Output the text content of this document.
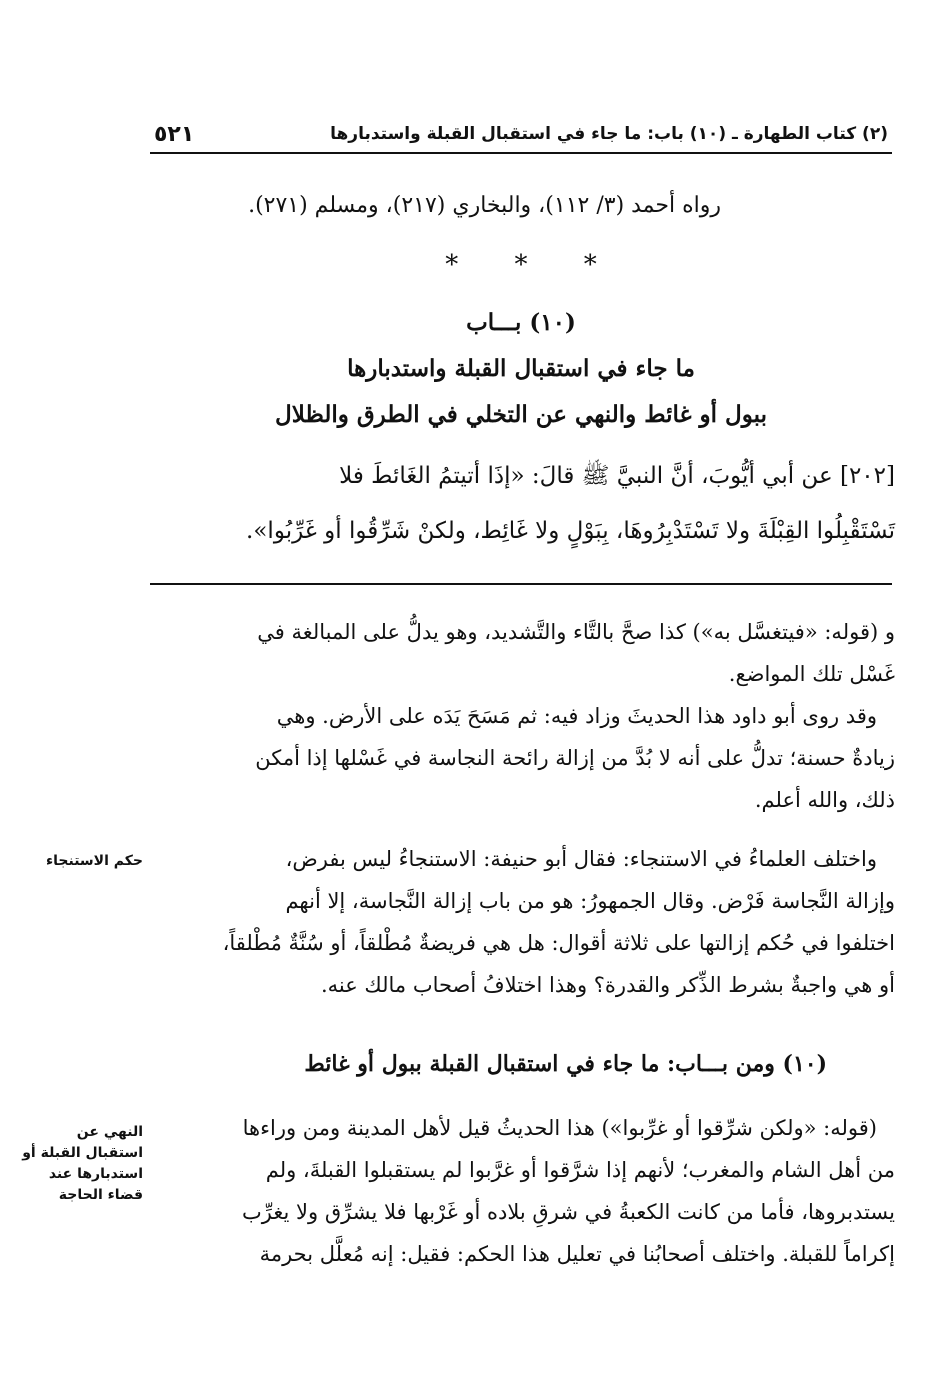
٥٢١	(٢) كتاب الطهارة ـ (١٠) باب: ما جاء في استقبال القبلة واستدبارها
رواه أحمد (٣/ ١١٢)، والبخاري (٢١٧)، ومسلم (٢٧١).
* * *
(١٠) بـــاب
ما جاء في استقبال القبلة واستدبارها
ببول أو غائط والنهي عن التخلي في الطرق والظلال
[٢٠٢] عن أبي أيُّوبَ، أنَّ النبيَّ ﷺ قالَ: «إذَا أتيتمُ الغَائطَ فلا
تَسْتَقْبِلُوا القِبْلَةَ ولا تَسْتَدْبِرُوهَا، بِبَوْلٍ ولا غَائِط، ولكنْ شَرِّقُوا أو غَرِّبُوا».
و (قوله: «فيتغسَّل به») كذا صحَّ بالتَّاء والتَّشديد، وهو يدلُّ على المبالغة في
غَسْل تلك المواضع.
وقد روى أبو داود هذا الحديثَ وزاد فيه: ثم مَسَحَ يَدَه على الأرض. وهي
زيادةٌ حسنة؛ تدلُّ على أنه لا بُدَّ من إزالة رائحة النجاسة في غَسْلها إذا أمكن
ذلك، والله أعلم.
واختلف العلماءُ في الاستنجاء: فقال أبو حنيفة: الاستنجاءُ ليس بفرض،
وإزالة النَّجاسة فَرْض. وقال الجمهورُ: هو من باب إزالة النَّجاسة، إلا أنهم
اختلفوا في حُكم إزالتها على ثلاثة أقوال: هل هي فريضةٌ مُطْلقاً، أو سُنَّةٌ مُطْلقاً،
أو هي واجبةٌ بشرط الذِّكر والقدرة؟ وهذا اختلافُ أصحاب مالك عنه.
(١٠) ومن بـــاب: ما جاء في استقبال القبلة ببول أو غائط
(قوله: «ولكن شرِّقوا أو غرِّبوا») هذا الحديثُ قيل لأهل المدينة ومن وراءها
من أهل الشام والمغرب؛ لأنهم إذا شرَّقوا أو غرَّبوا لم يستقبلوا القبلةَ، ولم
يستدبروها، فأما من كانت الكعبةُ في شرقِ بلاده أو غَرْبها فلا يشرِّق ولا يغرِّب
إكراماً للقبلة. واختلف أصحابُنا في تعليل هذا الحكم: فقيل: إنه مُعلَّل بحرمة
حكم الاستنجاء
النهي عن
استقبال القبلة أو
استدبارها عند
قضاء الحاجة
